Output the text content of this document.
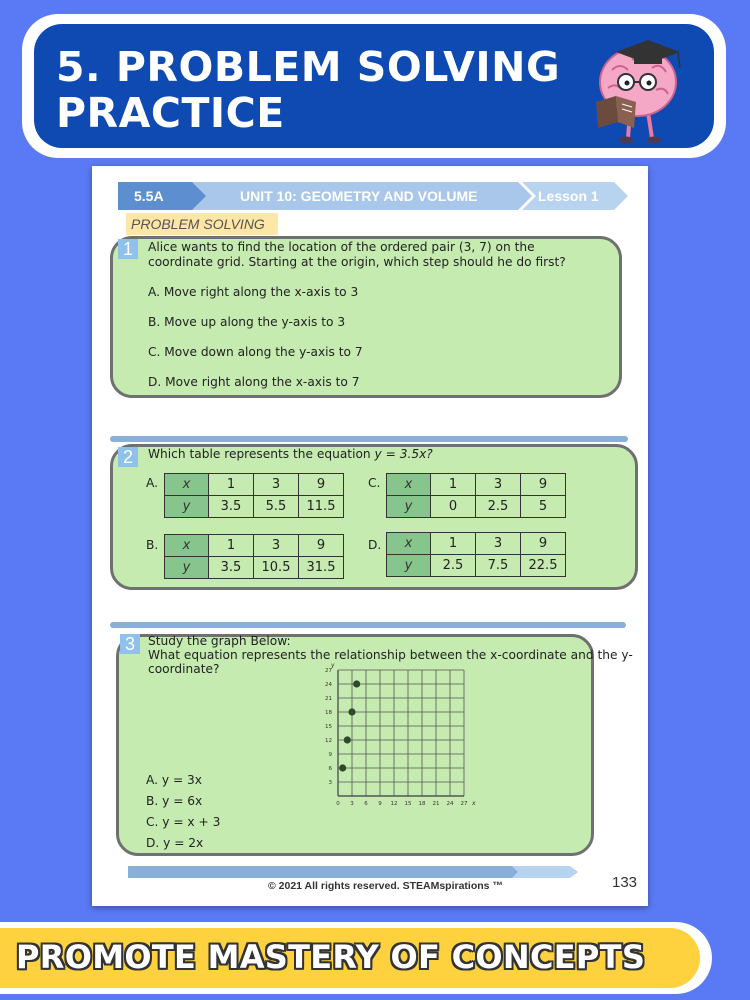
5. PROBLEM SOLVING
PRACTICE
5.5A	UNIT 10: GEOMETRY AND VOLUME	Lesson 1
PROBLEM SOLVING
1	Alice wants to find the location of the ordered pair (3, 7) on the
coordinate grid. Starting at the origin, which step should he do first?
A. Move right along the x-axis to 3
B. Move up along the y-axis to 3
C. Move down along the y-axis to 7
D. Move right along the x-axis to 7
2	Which table represents the equation y = 3.5x?
A. x	1	3	9
y	3.5	5.5	11.5
C. x	1	3	9
y	0	2.5	5
B. x	1	3	9
y	3.5	10.5	31.5
D. x	1	3	9
y	2.5	7.5	22.5
3	Study the graph Below:
What equation represents the relationship between the x-coordinate and the y-
coordinate?
0 3 6 9 12 15 18 21 24 27 x
3
6
9
12
15
18
21
24
27
y
A. y = 3x
B. y = 6x
C. y = x + 3
D. y = 2x
© 2021 All rights reserved. STEAMspirations ™	133
PROMOTE MASTERY OF CONCEPTS
